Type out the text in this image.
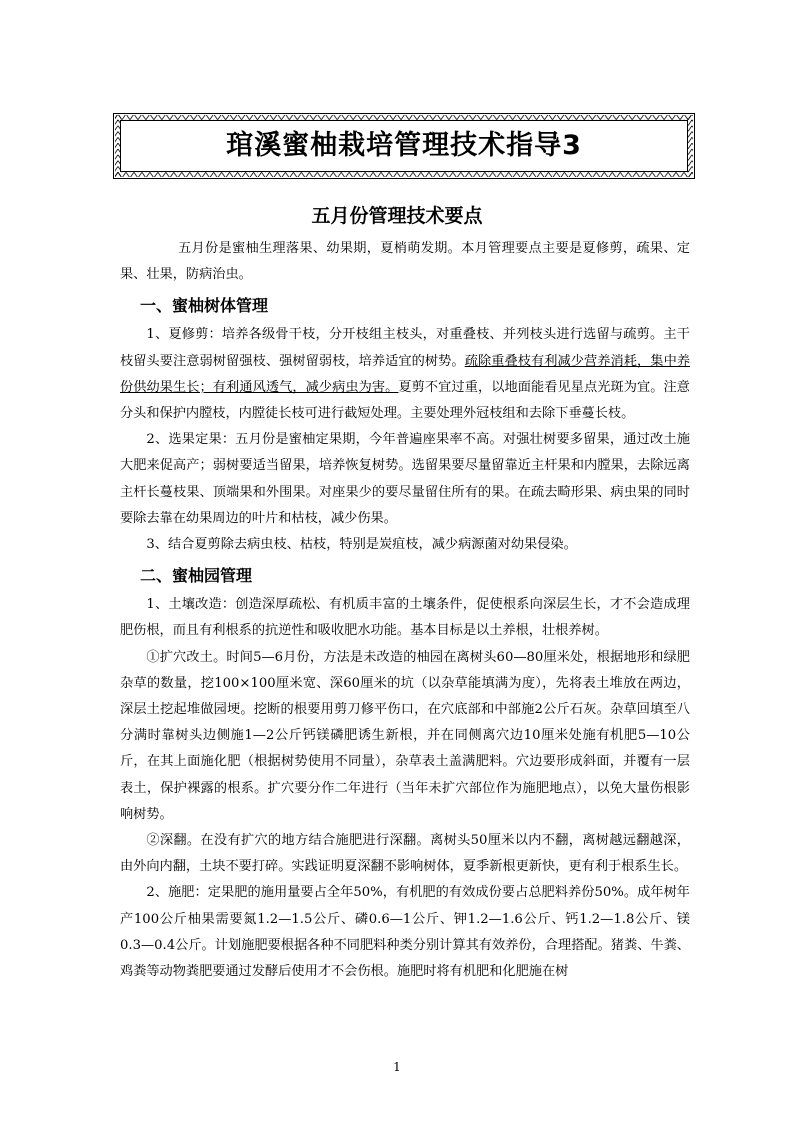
琯溪蜜柚栽培管理技术指导3
五月份管理技术要点

五月份是蜜柚生理落果、幼果期，夏梢萌发期。本月管理要点主要是夏修剪，疏果、定果、壮果，防病治虫。

一、蜜柚树体管理

1、夏修剪：培养各级骨干枝，分开枝组主枝头，对重叠枝、并列枝头进行选留与疏剪。主干枝留头要注意弱树留强枝、强树留弱枝，培养适宜的树势。疏除重叠枝有利减少营养消耗，集中养份供幼果生长；有利通风透气，减少病虫为害。夏剪不宜过重，以地面能看见星点光斑为宜。注意分头和保护内膛枝，内膛徒长枝可进行截短处理。主要处理外冠枝组和去除下垂蔓长枝。

2、选果定果：五月份是蜜柚定果期，今年普遍座果率不高。对强壮树要多留果，通过改土施大肥来促高产；弱树要适当留果，培养恢复树势。选留果要尽量留靠近主杆果和内膛果，去除远离主杆长蔓枝果、顶端果和外围果。对座果少的要尽量留住所有的果。在疏去畸形果、病虫果的同时要除去靠在幼果周边的叶片和枯枝，减少伤果。

3、结合夏剪除去病虫枝、枯枝，特别是炭疽枝，减少病源菌对幼果侵染。

二、蜜柚园管理

1、土壤改造：创造深厚疏松、有机质丰富的土壤条件，促使根系向深层生长，才不会造成理肥伤根，而且有利根系的抗逆性和吸收肥水功能。基本目标是以土养根，壮根养树。

①扩穴改土。时间5—6月份，方法是未改造的柚园在离树头60—80厘米处，根据地形和绿肥杂草的数量，挖100×100厘米宽、深60厘米的坑（以杂草能填满为度），先将表土堆放在两边，深层土挖起堆做园埂。挖断的根要用剪刀修平伤口，在穴底部和中部施2公斤石灰。杂草回填至八分满时靠树头边侧施1—2公斤钙镁磷肥诱生新根，并在同侧离穴边10厘米处施有机肥5—10公斤，在其上面施化肥（根据树势使用不同量），杂草表土盖满肥料。穴边要形成斜面，并覆有一层表土，保护裸露的根系。扩穴要分作二年进行（当年未扩穴部位作为施肥地点），以免大量伤根影响树势。

②深翻。在没有扩穴的地方结合施肥进行深翻。离树头50厘米以内不翻，离树越远翻越深，由外向内翻，土块不要打碎。实践证明夏深翻不影响树体，夏季新根更新快，更有利于根系生长。

2、施肥：定果肥的施用量要占全年50%，有机肥的有效成份要占总肥料养份50%。成年树年产100公斤柚果需要氮1.2—1.5公斤、磷0.6—1公斤、钾1.2—1.6公斤、钙1.2—1.8公斤、镁0.3—0.4公斤。计划施肥要根据各种不同肥料种类分别计算其有效养份，合理搭配。猪粪、牛粪、鸡粪等动物粪肥要通过发酵后使用才不会伤根。施肥时将有机肥和化肥施在树

1
